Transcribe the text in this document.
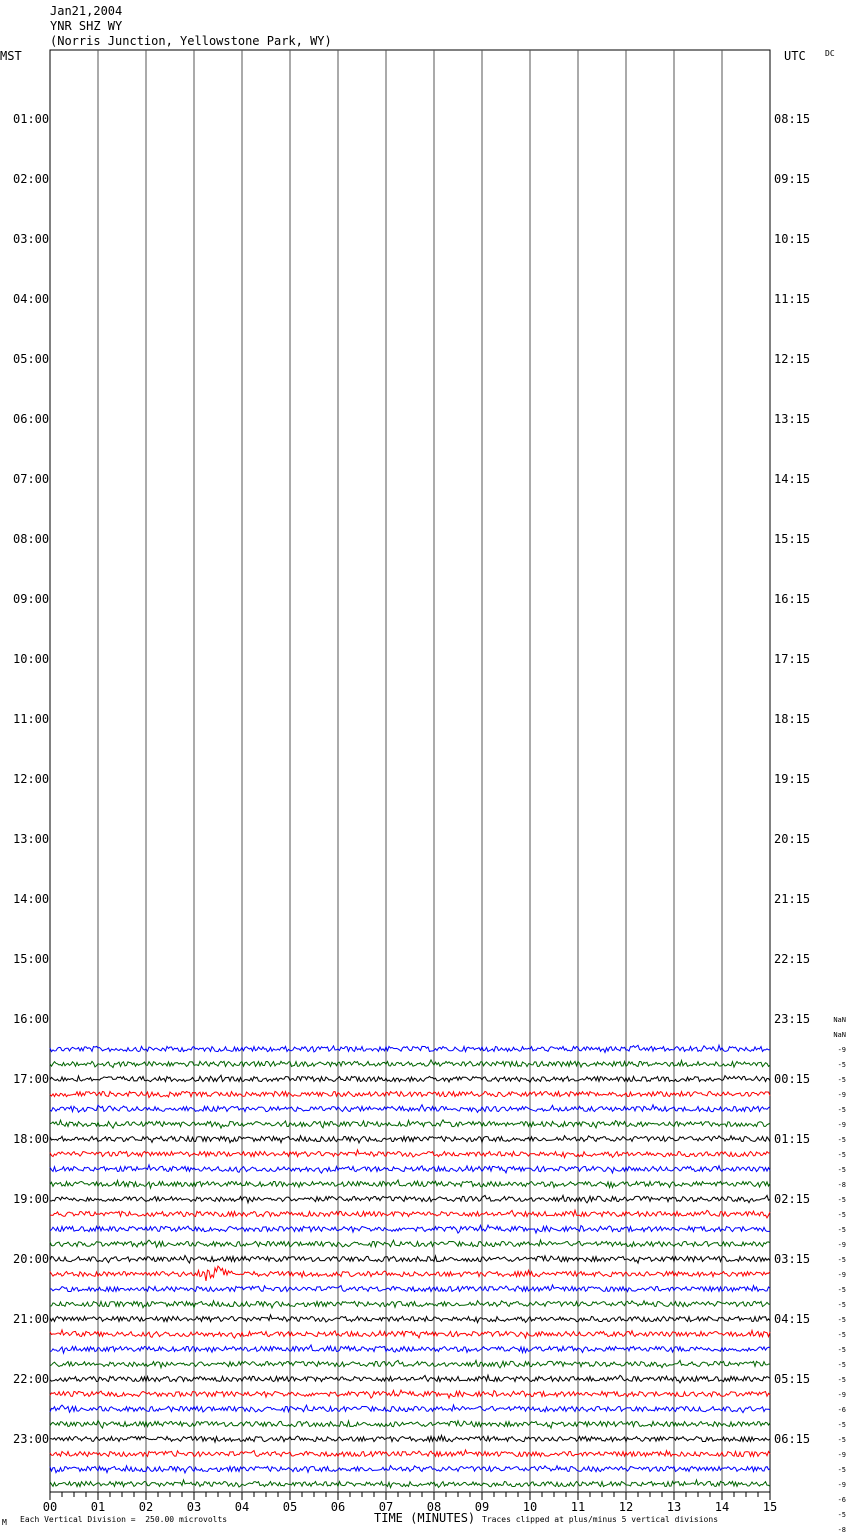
Jan21,2004
YNR SHZ WY
(Norris Junction, Yellowstone Park, WY)
MST	UTC DC
00	01	02	03	04	05	06	07	08	09	10	11	12	13	14	15
01:00
02:00
03:00
04:00
05:00
06:00
07:00
08:00
09:00
10:00
11:00
12:00
13:00
14:00
15:00
16:00
17:00
18:00
19:00
20:00
21:00
22:00
23:00
08:15
09:15
10:15
11:15
12:15
13:15
14:15
15:15
16:15
17:15
18:15
19:15
20:15
21:15
22:15
23:15
00:15
01:15
02:15
03:15
04:15
05:15
06:15
NaN
NaN
-9
-5
-5
-9
-5
-9
-5
-5
-5
-8
-5
-5
-5
-9
-5
-9
-5
-5
-5
-5
-5
-5
-5
-9
-6
-5
-5
-9
-5
-9
-6
-5
-8
M Each Vertical Division =  250.00 microvolts	TIME (MINUTES) Traces clipped at plus/minus 5 vertical divisions
